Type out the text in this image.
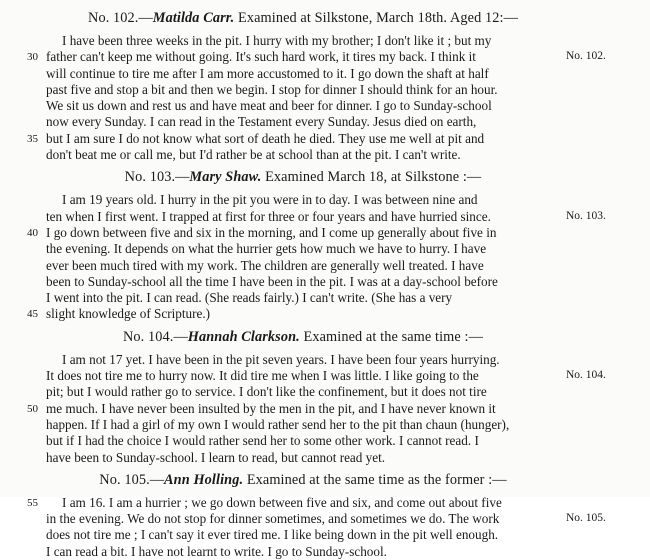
No. 102.—Matilda Carr. Examined at Silkstone, March 18th. Aged 12:—
I have been three weeks in the pit. I hurry with my brother; I don't like it ; but my
father can't keep me without going. It's such hard work, it tires my back. I think it
will continue to tire me after I am more accustomed to it. I go down the shaft at half
past five and stop a bit and then we begin. I stop for dinner I should think for an hour.
We sit us down and rest us and have meat and beer for dinner. I go to Sunday-school
now every Sunday. I can read in the Testament every Sunday. Jesus died on earth,
but I am sure I do not know what sort of death he died. They use me well at pit and
don't beat me or call me, but I'd rather be at school than at the pit. I can't write.
30
35
No. 102.
No. 103.—Mary Shaw. Examined March 18, at Silkstone :—
I am 19 years old. I hurry in the pit you were in to day. I was between nine and
ten when I first went. I trapped at first for three or four years and have hurried since.
I go down between five and six in the morning, and I come up generally about five in
the evening. It depends on what the hurrier gets how much we have to hurry. I have
ever been much tired with my work. The children are generally well treated. I have
been to Sunday-school all the time I have been in the pit. I was at a day-school before
I went into the pit. I can read. (She reads fairly.) I can't write. (She has a very
slight knowledge of Scripture.)
40
45
No. 103.
No. 104.—Hannah Clarkson. Examined at the same time :—
I am not 17 yet. I have been in the pit seven years. I have been four years hurrying.
It does not tire me to hurry now. It did tire me when I was little. I like going to the
pit; but I would rather go to service. I don't like the confinement, but it does not tire
me much. I have never been insulted by the men in the pit, and I have never known it
happen. If I had a girl of my own I would rather send her to the pit than chaun (hunger),
but if I had the choice I would rather send her to some other work. I cannot read. I
have been to Sunday-school. I learn to read, but cannot read yet.
50
No. 104.
No. 105.—Ann Holling. Examined at the same time as the former :—
I am 16. I am a hurrier ; we go down between five and six, and come out about five
in the evening. We do not stop for dinner sometimes, and sometimes we do. The work
does not tire me ; I can't say it ever tired me. I like being down in the pit well enough.
I can read a bit. I have not learnt to write. I go to Sunday-school.
55
No. 105.
